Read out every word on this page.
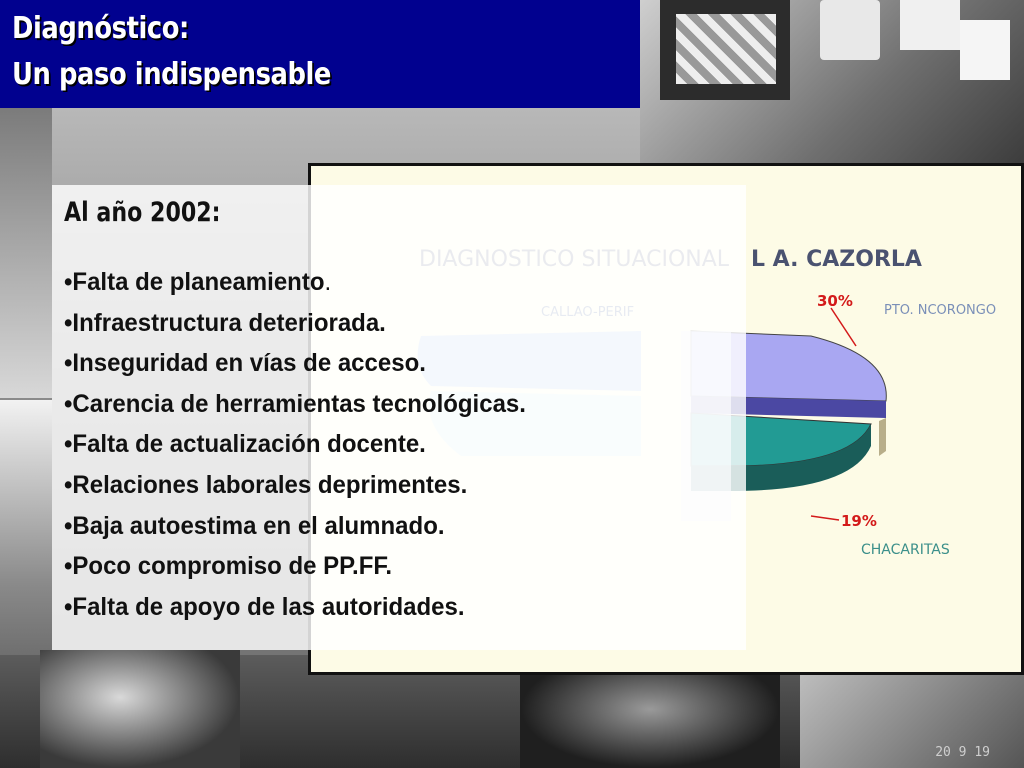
Diagnóstico:
Un paso indispensable
L A. CAZORLA
PTO. NCORONGO
CHACARITAS
30%
19%
Al año 2002:
•Falta de planeamiento.
•Infraestructura deteriorada.
•Inseguridad en vías de acceso.
•Carencia de herramientas tecnológicas.
•Falta de actualización docente.
•Relaciones laborales deprimentes.
•Baja autoestima en el alumnado.
•Poco compromiso de PP.FF.
•Falta de apoyo de las autoridades.
20 9 19
